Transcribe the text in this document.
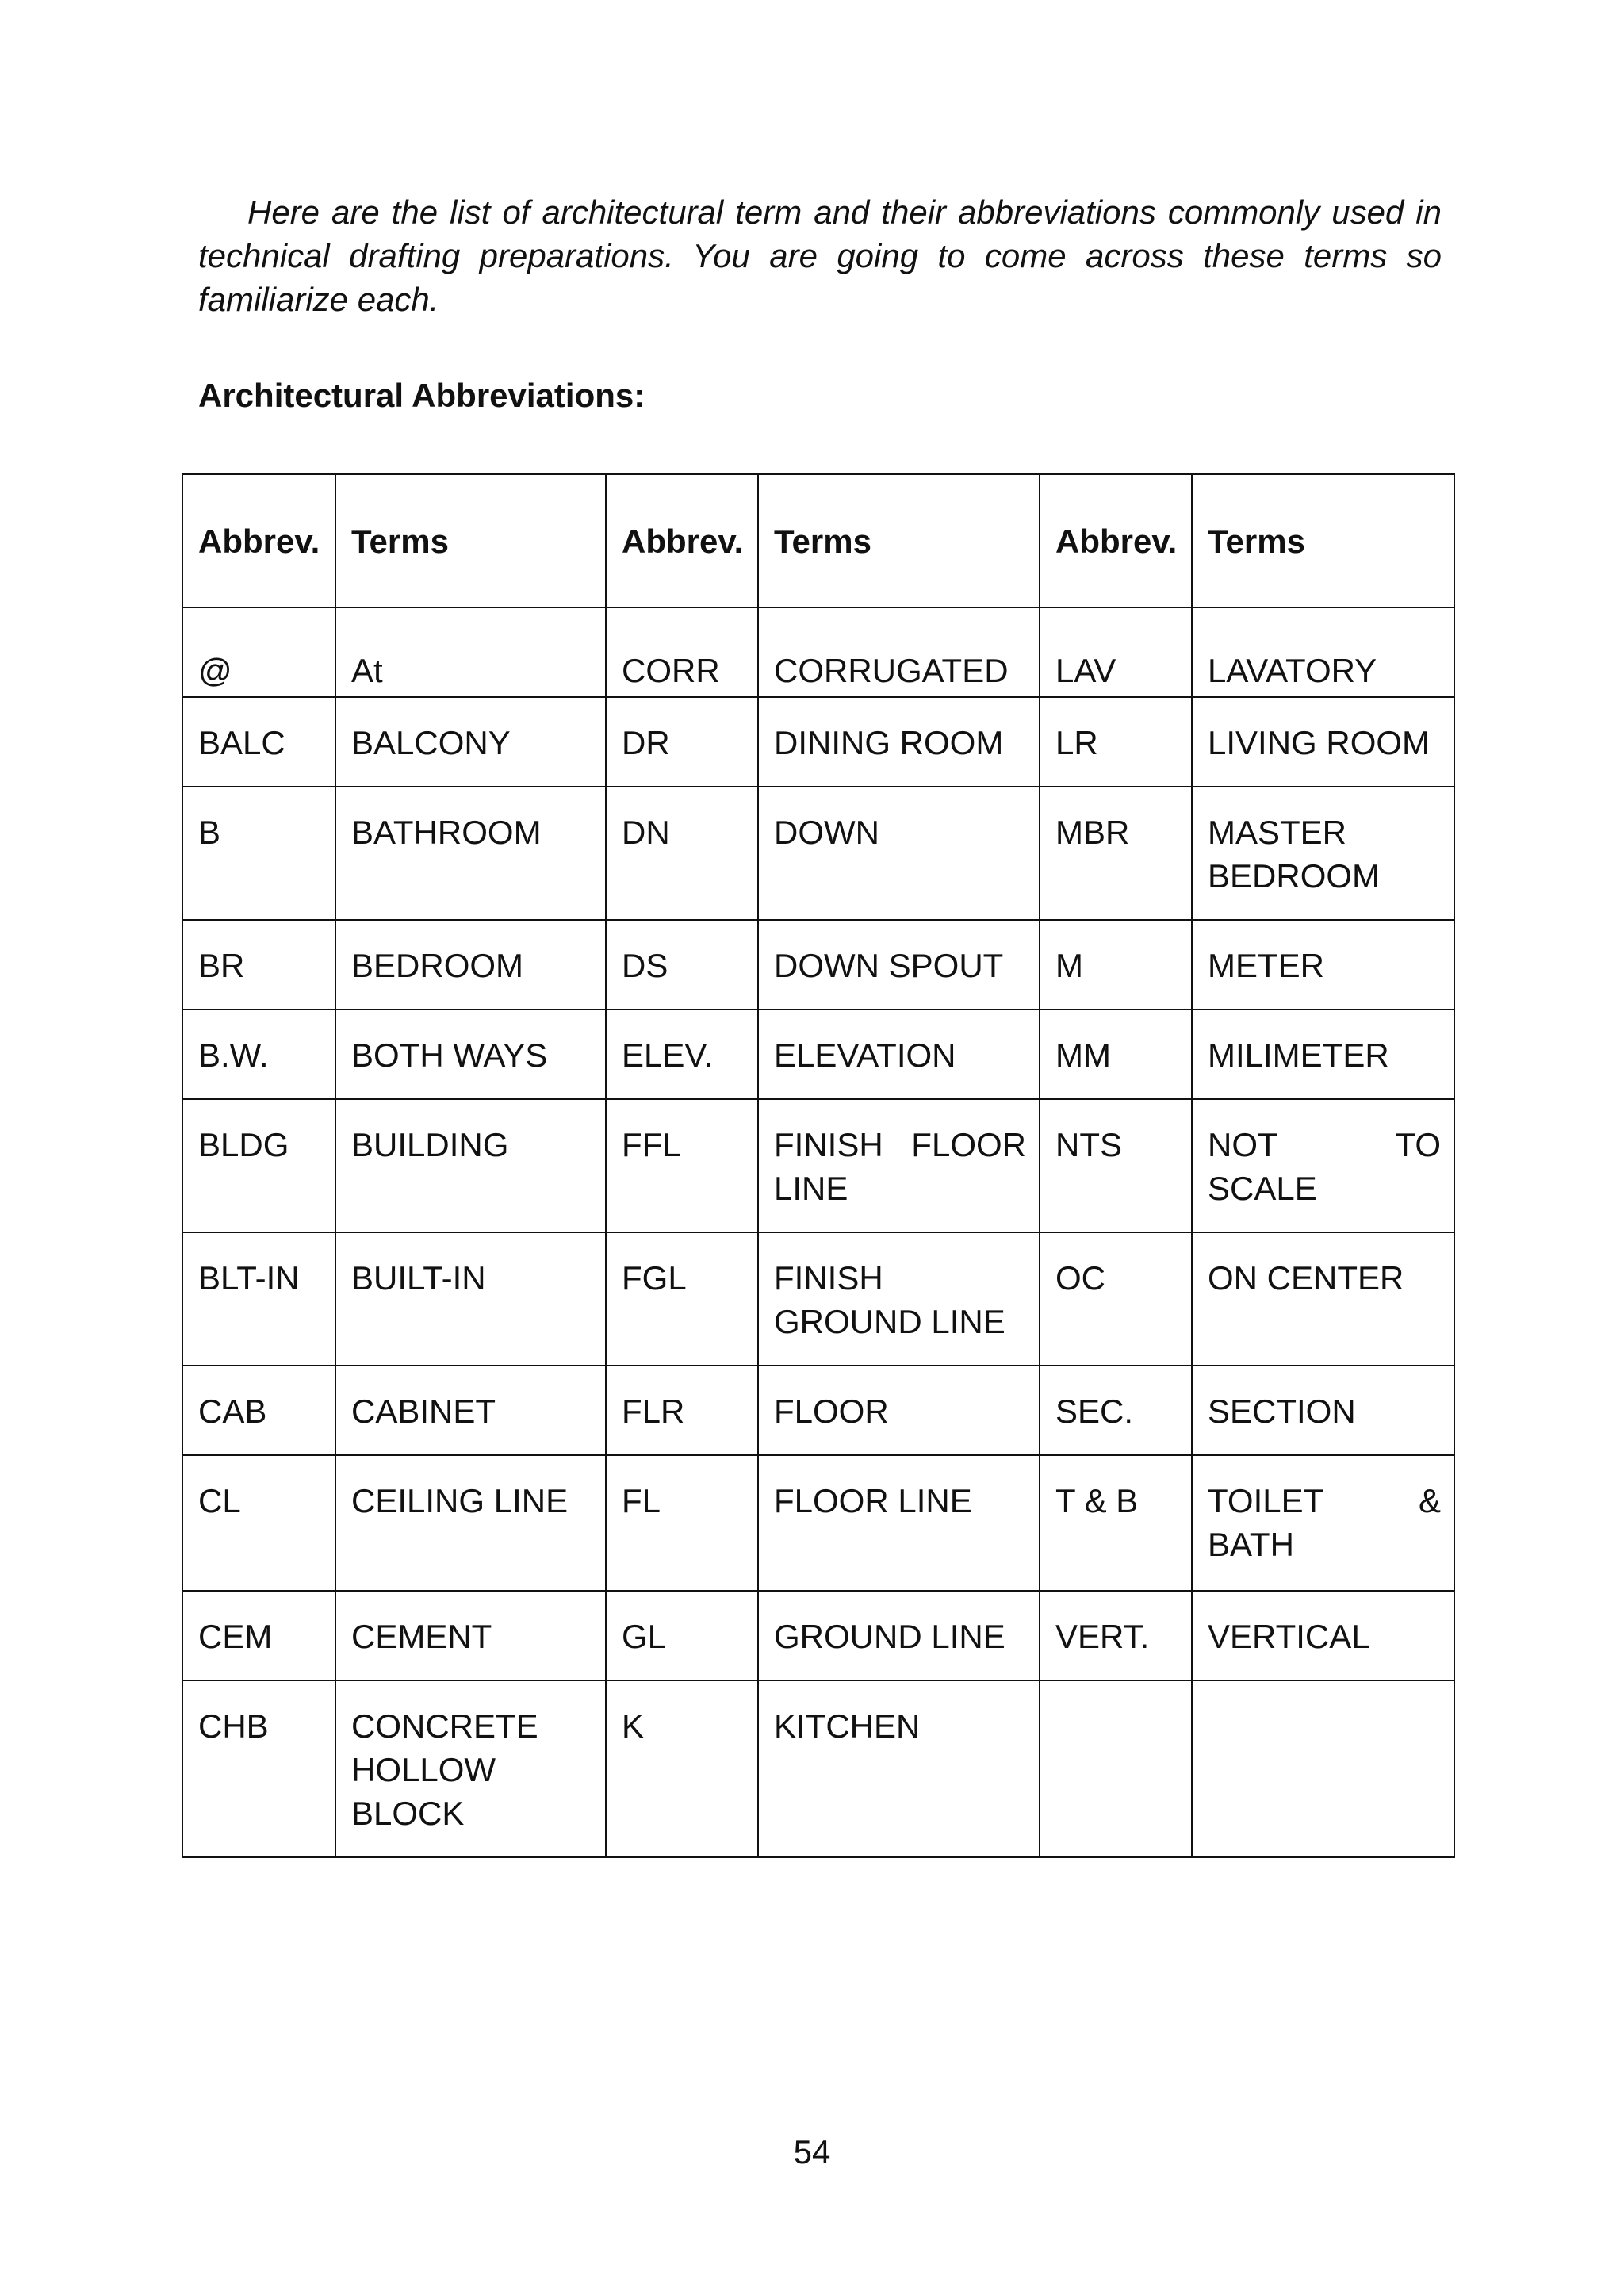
Here are the list of architectural term and their abbreviations commonly used in technical drafting preparations. You are going to come across these terms so familiarize each.

Architectural Abbreviations:
Abbrev.	Terms	Abbrev.	Terms	Abbrev.	Terms

@	At	CORR	CORRUGATED	LAV	LAVATORY

BALC	BALCONY	DR	DINING ROOM	LR	LIVING ROOM

B	BATHROOM	DN	DOWN	MBR	MASTER BEDROOM

BR	BEDROOM	DS	DOWN SPOUT	M	METER

B.W.	BOTH WAYS	ELEV.	ELEVATION	MM	MILIMETER

BLDG	BUILDING	FFL	FINISH FLOOR LINE	NTS	NOT TO SCALE

BLT-IN	BUILT-IN	FGL	FINISH GROUND LINE	OC	ON CENTER

CAB	CABINET	FLR	FLOOR	SEC.	SECTION

CL	CEILING LINE	FL	FLOOR LINE	T & B	TOILET & BATH

CEM	CEMENT	GL	GROUND LINE	VERT.	VERTICAL

CHB	CONCRETE HOLLOW BLOCK	K	KITCHEN		

54
